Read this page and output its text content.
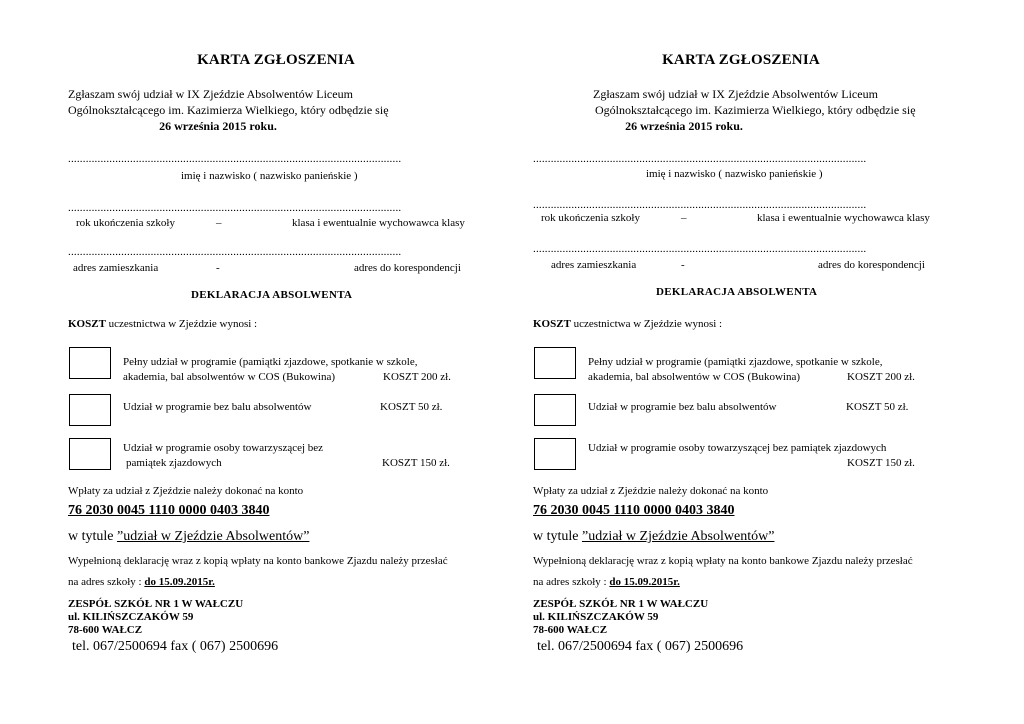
KARTA ZGŁOSZENIA
Zgłaszam swój udział w IX Zjeździe Absolwentów Liceum
Ogólnokształcącego im. Kazimierza Wielkiego, który odbędzie się
26 września 2015 roku.
.................................................................................................................
imię i nazwisko ( nazwisko panieńskie )
.................................................................................................................
rok ukończenia szkoły	–	klasa i ewentualnie wychowawca klasy
.................................................................................................................
adres zamieszkania	-	adres do korespondencji
DEKLARACJA ABSOLWENTA
KOSZT uczestnictwa w Zjeździe wynosi :
Pełny udział w programie (pamiątki zjazdowe, spotkanie w szkole,
akademia, bal absolwentów w COS (Bukowina)	KOSZT 200 zł.
Udział w programie bez balu absolwentów	KOSZT 50 zł.
Udział w programie osoby towarzyszącej bez
pamiątek zjazdowych	KOSZT 150 zł.
Wpłaty za udział z Zjeździe należy dokonać na konto
76 2030 0045 1110 0000 0403 3840
w tytule ”udział w Zjeździe Absolwentów”
Wypełnioną deklarację wraz z kopią wpłaty na konto bankowe Zjazdu należy przesłać
na adres szkoły : do 15.09.2015r.
ZESPÓŁ SZKÓŁ NR 1 W WAŁCZU
ul. KILIŃSZCZAKÓW 59
78-600 WAŁCZ
tel. 067/2500694 fax ( 067) 2500696
KARTA ZGŁOSZENIA
Zgłaszam swój udział w IX Zjeździe Absolwentów Liceum
Ogólnokształcącego im. Kazimierza Wielkiego, który odbędzie się
26 września 2015 roku.
.................................................................................................................
imię i nazwisko ( nazwisko panieńskie )
.................................................................................................................
rok ukończenia szkoły	–	klasa i ewentualnie wychowawca klasy
.................................................................................................................
adres zamieszkania	-	adres do korespondencji
DEKLARACJA ABSOLWENTA
KOSZT uczestnictwa w Zjeździe wynosi :
Pełny udział w programie (pamiątki zjazdowe, spotkanie w szkole,
akademia, bal absolwentów w COS (Bukowina)	KOSZT 200 zł.
Udział w programie bez balu absolwentów	KOSZT 50 zł.
Udział w programie osoby towarzyszącej bez pamiątek zjazdowych
KOSZT 150 zł.
Wpłaty za udział z Zjeździe należy dokonać na konto
76 2030 0045 1110 0000 0403 3840
w tytule ”udział w Zjeździe Absolwentów”
Wypełnioną deklarację wraz z kopią wpłaty na konto bankowe Zjazdu należy przesłać
na adres szkoły : do 15.09.2015r.
ZESPÓŁ SZKÓŁ NR 1 W WAŁCZU
ul. KILIŃSZCZAKÓW 59
78-600 WAŁCZ
tel. 067/2500694 fax ( 067) 2500696
